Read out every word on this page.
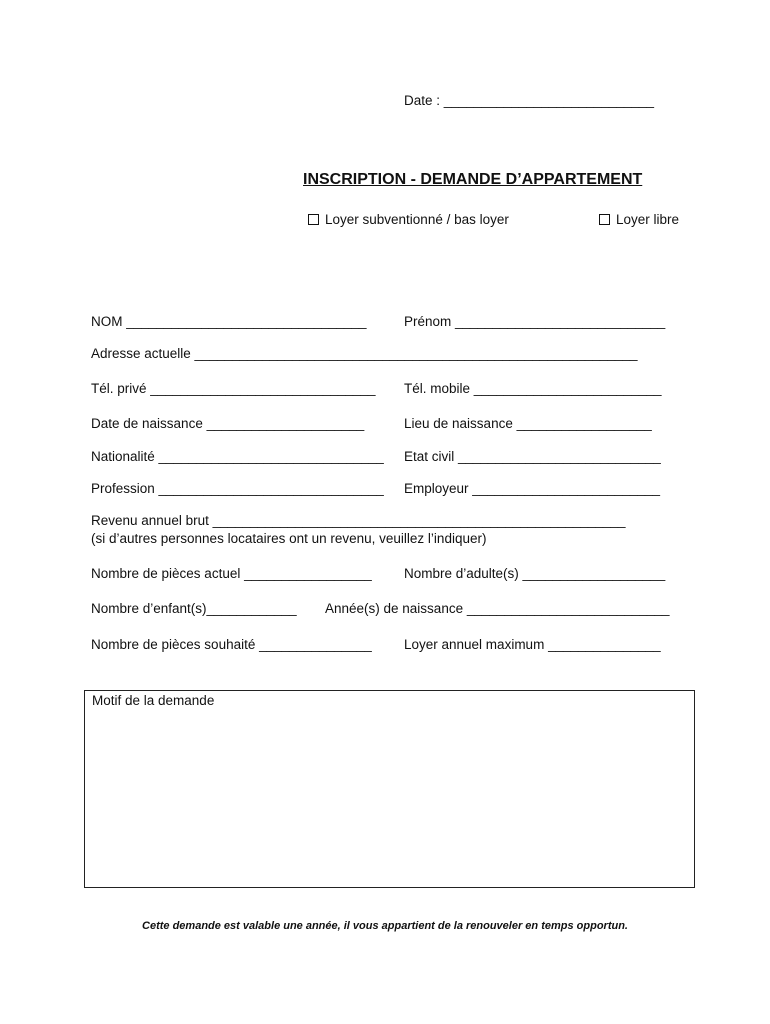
Date : ____________________________
INSCRIPTION - DEMANDE D’APPARTEMENT
Loyer subventionné / bas loyer	Loyer libre
NOM ________________________________	Prénom ____________________________
Adresse actuelle ___________________________________________________________
Tél. privé ______________________________ Tél. mobile _________________________
Date de naissance _____________________	Lieu de naissance __________________
Nationalité ______________________________ Etat civil ___________________________
Profession ______________________________ Employeur _________________________
Revenu annuel brut _______________________________________________________
(si d’autres personnes locataires ont un revenu, veuillez l’indiquer)
Nombre de pièces actuel _________________ Nombre d’adulte(s) ___________________
Nombre d’enfant(s)____________ Année(s) de naissance ___________________________
Nombre de pièces souhaité _______________ Loyer annuel maximum _______________
Motif de la demande
Cette demande est valable une année, il vous appartient de la renouveler en temps opportun.
